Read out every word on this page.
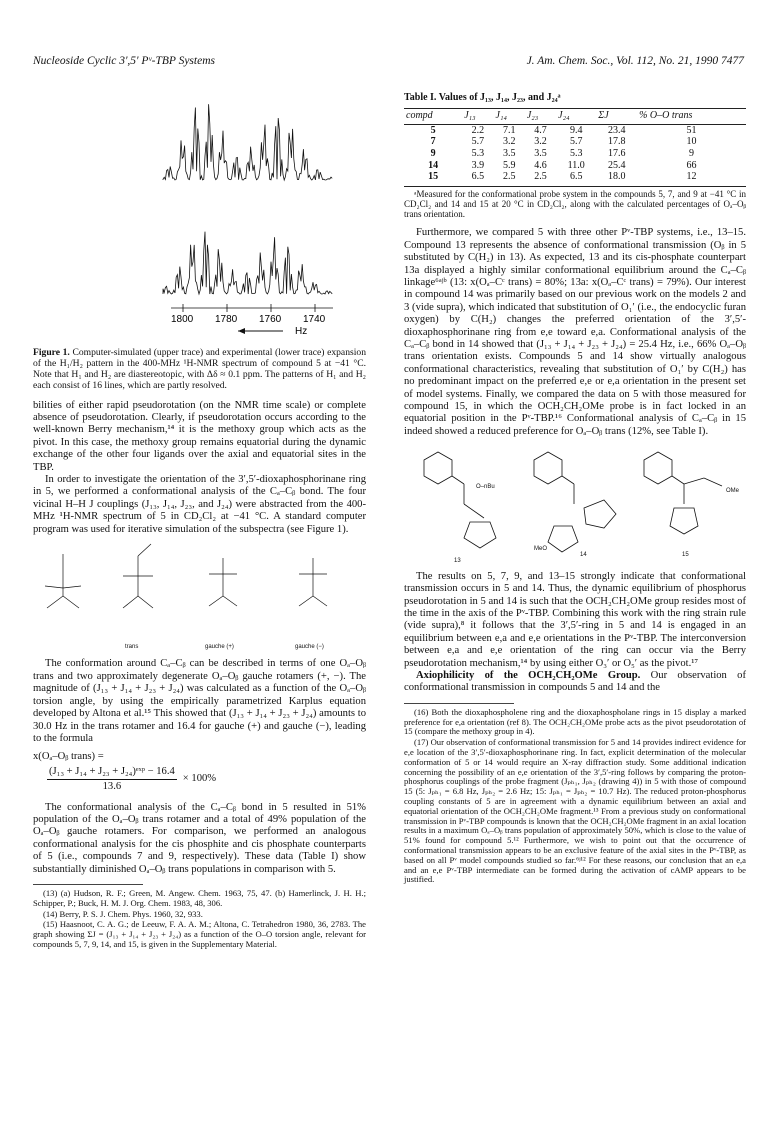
Nucleoside Cyclic 3',5' Pᵛ-TBP Systems	J. Am. Chem. Soc., Vol. 112, No. 21, 1990 7477
1800 1780 1760 1740
Hz
Figure 1. Computer-simulated (upper trace) and experimental (lower trace) expansion of the H₁/H₂ pattern in the 400-MHz ¹H-NMR spectrum of compound 5 at −41 °C. Note that H₁ and H₂ are diastereotopic, with Δδ ≈ 0.1 ppm. The patterns of H₁ and H₂ each consist of 16 lines, which are partly resolved.

bilities of either rapid pseudorotation (on the NMR time scale) or complete absence of pseudorotation. Clearly, if pseudorotation occurs according to the well-known Berry mechanism,¹⁴ it is the methoxy group which acts as the pivot. In this case, the methoxy group remains equatorial during the dynamic exchange of the other four ligands over the axial and equatorial sites in the TBP.

In order to investigate the orientation of the 3′,5′-dioxaphosphorinane ring in 5, we performed a conformational analysis of the Cₐ–Cᵦ bond. The four vicinal H–H J couplings (J₁₃, J₁₄, J₂₃, and J₂₄) were abstracted from the 400-MHz ¹H-NMR spectrum of 5 in CD₂Cl₂ at −41 °C. A standard computer program was used for iterative simulation of the subspectra (see Figure 1).

trans	gauche (+)	gauche (−)

The conformation around Cₐ–Cᵦ can be described in terms of one Oₐ–Oᵦ trans and two approximately degenerate Oₐ–Oᵦ gauche rotamers (+, −). The magnitude of (J₁₃ + J₁₄ + J₂₃ + J₂₄) was calculated as a function of the Oₐ–Oᵦ torsion angle, by using the empirically parametrized Karplus equation developed by Altona et al.¹⁵ This showed that (J₁₃ + J₁₄ + J₂₃ + J₂₄) amounts to 30.0 Hz in the trans rotamer and 16.4 for gauche (+) and gauche (−), leading to the formula

x(Oₐ–Oᵦ trans) =
$\frac{\text{(J₁₃ + J₁₄ + J₂₃ + J₂₄)ᵉˣᵖ − 16.4}}{13.6} \times 100\%$

The conformational analysis of the Cₐ–Cᵦ bond in 5 resulted in 51% population of the Oₐ–Oᵦ trans rotamer and a total of 49% population of the Oₐ–Oᵦ gauche rotamers. For comparison, we performed an analogous conformational analysis for the cis phosphite and cis phosphate counterparts of 5 (i.e., compounds 7 and 9, respectively). These data (Table I) show substantially diminished Oₐ–Oᵦ trans populations in comparison with 5.

(13) (a) Hudson, R. F.; Green, M. Angew. Chem. 1963, 75, 47. (b) Hamerlinck, J. H. H.; Schipper, P.; Buck, H. M. J. Org. Chem. 1983, 48, 306.

(14) Berry, P. S. J. Chem. Phys. 1960, 32, 933.

(15) Haasnoot, C. A. G.; de Leeuw, F. A. A. M.; Altona, C. Tetrahedron 1980, 36, 2783. The graph showing ΣJ = (J₁₃ + J₁₄ + J₂₃ + J₂₄) as a function of the O–O torsion angle, relevant for compounds 5, 7, 9, 14, and 15, is given in the Supplementary Material.

Table I. Values of J₁₃, J₁₄, J₂₃, and J₂₄ᵃ
compd	J₁₃	J₁₄	J₂₃	J₂₄	ΣJ	% O–O trans
5	2.2	7.1	4.7	9.4	23.4	51
7	5.7	3.2	3.2	5.7	17.8	10
9	5.3	3.5	3.5	5.3	17.6	9
14	3.9	5.9	4.6	11.0	25.4	66
15	6.5	2.5	2.5	6.5	18.0	12
ᵃMeasured for the conformational probe system in the compounds 5, 7, and 9 at −41 °C in CD₂Cl₂ and 14 and 15 at 20 °C in CD₂Cl₂, along with the calculated percentages of Oₐ–Oᵦ trans orientation.

Furthermore, we compared 5 with three other Pᵛ-TBP systems, i.e., 13–15. Compound 13 represents the absence of conformational transmission (Oᵦ in 5 substituted by C(H₂) in 13). As expected, 13 and its cis-phosphate counterpart 13a displayed a highly similar conformational equilibrium around the Cₐ–Cᵦ linkage⁶ᵃʲᵇ (13: x(Oₐ–Cᶜ trans) = 80%; 13a: x(Oₐ–Cᶜ trans) = 79%). Our interest in compound 14 was primarily based on our previous work on the models 2 and 3 (vide supra), which indicated that substitution of O₁′ (i.e., the endocyclic furan oxygen) by C(H₂) changes the preferred orientation of the 3′,5′-dioxaphosphorinane ring from e,e toward e,a. Conformational analysis of the Cₐ–Cᵦ bond in 14 showed that (J₁₃ + J₁₄ + J₂₃ + J₂₄) = 25.4 Hz, i.e., 66% Oₐ–Oᵦ trans orientation exists. Compounds 5 and 14 show virtually analogous conformational characteristics, revealing that substitution of O₁′ by C(H₂) has no predominant impact on the preferred e,e or e,a orientation in the present set of model systems. Finally, we compared the data on 5 with those measured for compound 15, in which the OCH₂CH₂OMe probe is in fact locked in an equatorial position in the Pᵛ-TBP.¹⁶ Conformational analysis of Cₐ–Cᵦ in 15 indeed showed a reduced preference for Oₐ–Oᵦ trans (12%, see Table I).

O–nBu
OMe
MeO
13
14	15

The results on 5, 7, 9, and 13–15 strongly indicate that conformational transmission occurs in 5 and 14. Thus, the dynamic equilibrium of phosphorus pseudorotation in 5 and 14 is such that the OCH₂CH₂OMe group resides most of the time in the axis of the Pᵛ-TBP. Combining this work with the ring strain rule (vide supra),⁸ it follows that the 3′,5′-ring in 5 and 14 is engaged in an equilibrium between e,a and e,e orientations in the Pᵛ-TBP. The interconversion between e,a and e,e orientation of the ring can occur via the Berry pseudorotation mechanism,¹⁴ by using either O₃′ or O₅′ as the pivot.¹⁷

Axiophilicity of the OCH₂CH₂OMe Group. Our observation of conformational transmission in compounds 5 and 14 and the

(16) Both the dioxaphospholene ring and the dioxaphospholane rings in 15 display a marked preference for e,a orientation (ref 8). The OCH₂CH₂OMe probe acts as the pivot pseudorotation of 15 (compare the methoxy group in 4).

(17) Our observation of conformational transmission for 5 and 14 provides indirect evidence for e,e location of the 3′,5′-dioxaphosphorinane ring. In fact, explicit determination of the molecular conformation of 5 or 14 would require an X-ray diffraction study. Some additional indication concerning the possibility of an e,e orientation of the 3′,5′-ring follows by comparing the proton-phosphorus couplings of the probe fragment (Jₚₕ₁, Jₚₕ₂ (drawing 4)) in 5 with those of compound 15 (5: Jₚₕ₁ = 6.8 Hz, Jₚₕ₂ = 2.6 Hz; 15: Jₚₕ₁ = Jₚₕ₂ = 10.7 Hz). The reduced proton-phosphorus coupling constants of 5 are in agreement with a dynamic equilibrium between an axial and equatorial orientation of the OCH₂CH₂OMe fragment.¹³ From a previous study on conformational transmission in Pᵛ-TBP compounds is known that the OCH₂CH₂OMe fragment in an axial location results in a maximum Oₐ–Oᵦ trans population of approximately 50%, which is close to the value of 51% found for compound 5.¹² Furthermore, we wish to point out that the occurrence of conformational transmission appears to be an exclusive feature of the axial sites in the Pᵛ-TBP, as based on all Pᵛ model compounds studied so far.⁶ʲ¹² For these reasons, our conclusion that an e,a and an e,e Pᵛ-TBP intermediate can be formed during the activation of cAMP appears to be justified.
